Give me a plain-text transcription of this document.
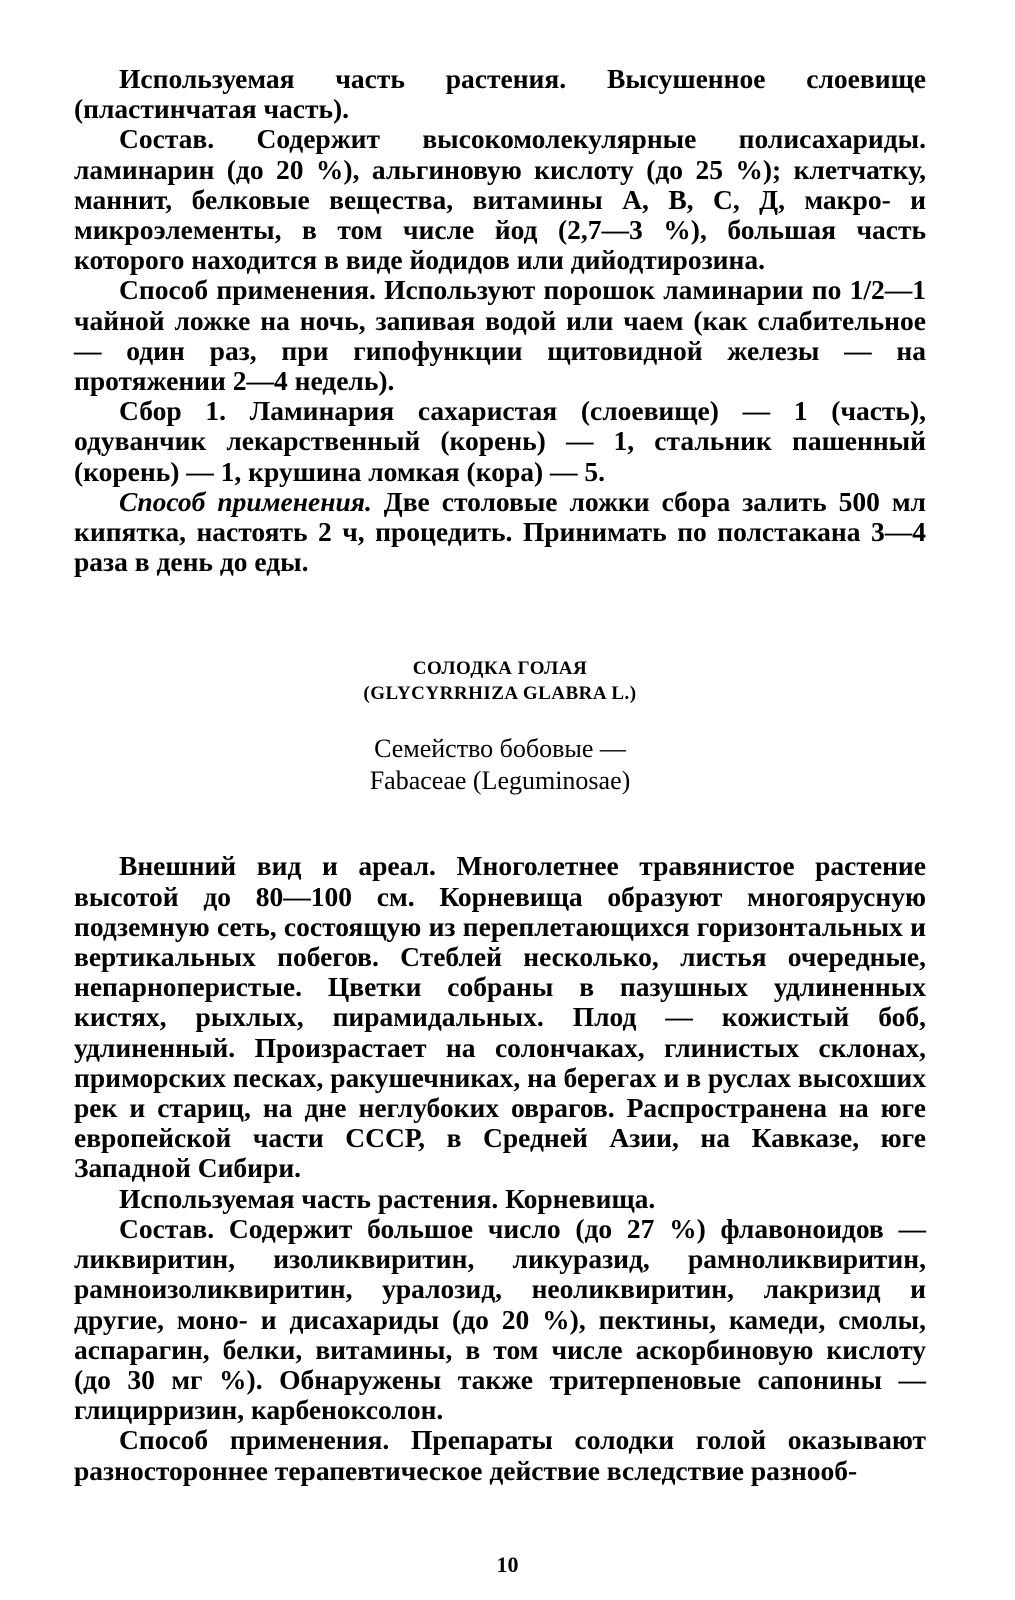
Используемая часть растения. Высушенное слоевище (пластинчатая часть).

Состав. Содержит высокомолекулярные полисахариды. ламинарин (до 20 %), альгиновую кислоту (до 25 %); клетчатку, маннит, белковые вещества, витамины А, В, С, Д, макро- и микроэлементы, в том числе йод (2,7—3 %), большая часть которого находится в виде йодидов или дийодтирозина.

Способ применения. Используют порошок ламинарии по 1/2—1 чайной ложке на ночь, запивая водой или чаем (как слабительное — один раз, при гипофункции щитовидной железы — на протяжении 2—4 недель).

Сбор 1. Ламинария сахаристая (слоевище) — 1 (часть), одуванчик лекарственный (корень) — 1, стальник пашенный (корень) — 1, крушина ломкая (кора) — 5.

Способ применения. Две столовые ложки сбора залить 500 мл кипятка, настоять 2 ч, процедить. Принимать по полстакана 3—4 раза в день до еды.

СОЛОДКА ГОЛАЯ
(GLYCYRRHIZA GLABRA L.)
Семейство бобовые —
Fabaceae (Leguminosae)

Внешний вид и ареал. Многолетнее травянистое растение высотой до 80—100 см. Корневища образуют многоярусную подземную сеть, состоящую из переплетающихся горизонтальных и вертикальных побегов. Стеблей несколько, листья очередные, непарноперистые. Цветки собраны в пазушных удлиненных кистях, рыхлых, пирамидальных. Плод — кожистый боб, удлиненный. Произрастает на солончаках, глинистых склонах, приморских песках, ракушечниках, на берегах и в руслах высохших рек и стариц, на дне неглубоких оврагов. Распространена на юге европейской части СССР, в Средней Азии, на Кавказе, юге Западной Сибири.

Используемая часть растения. Корневища.

Состав. Содержит большое число (до 27 %) флавоноидов — ликвиритин, изоликвиритин, ликуразид, рамноликвиритин, рамноизоликвиритин, уралозид, неоликвиритин, лакризид и другие, моно- и дисахариды (до 20 %), пектины, камеди, смолы, аспарагин, белки, витамины, в том числе аскорбиновую кислоту (до 30 мг %). Обнаружены также тритерпеновые сапонины — глицирризин, карбеноксолон.

Способ применения. Препараты солодки голой оказывают разностороннее терапевтическое действие вследствие разнооб-

10
